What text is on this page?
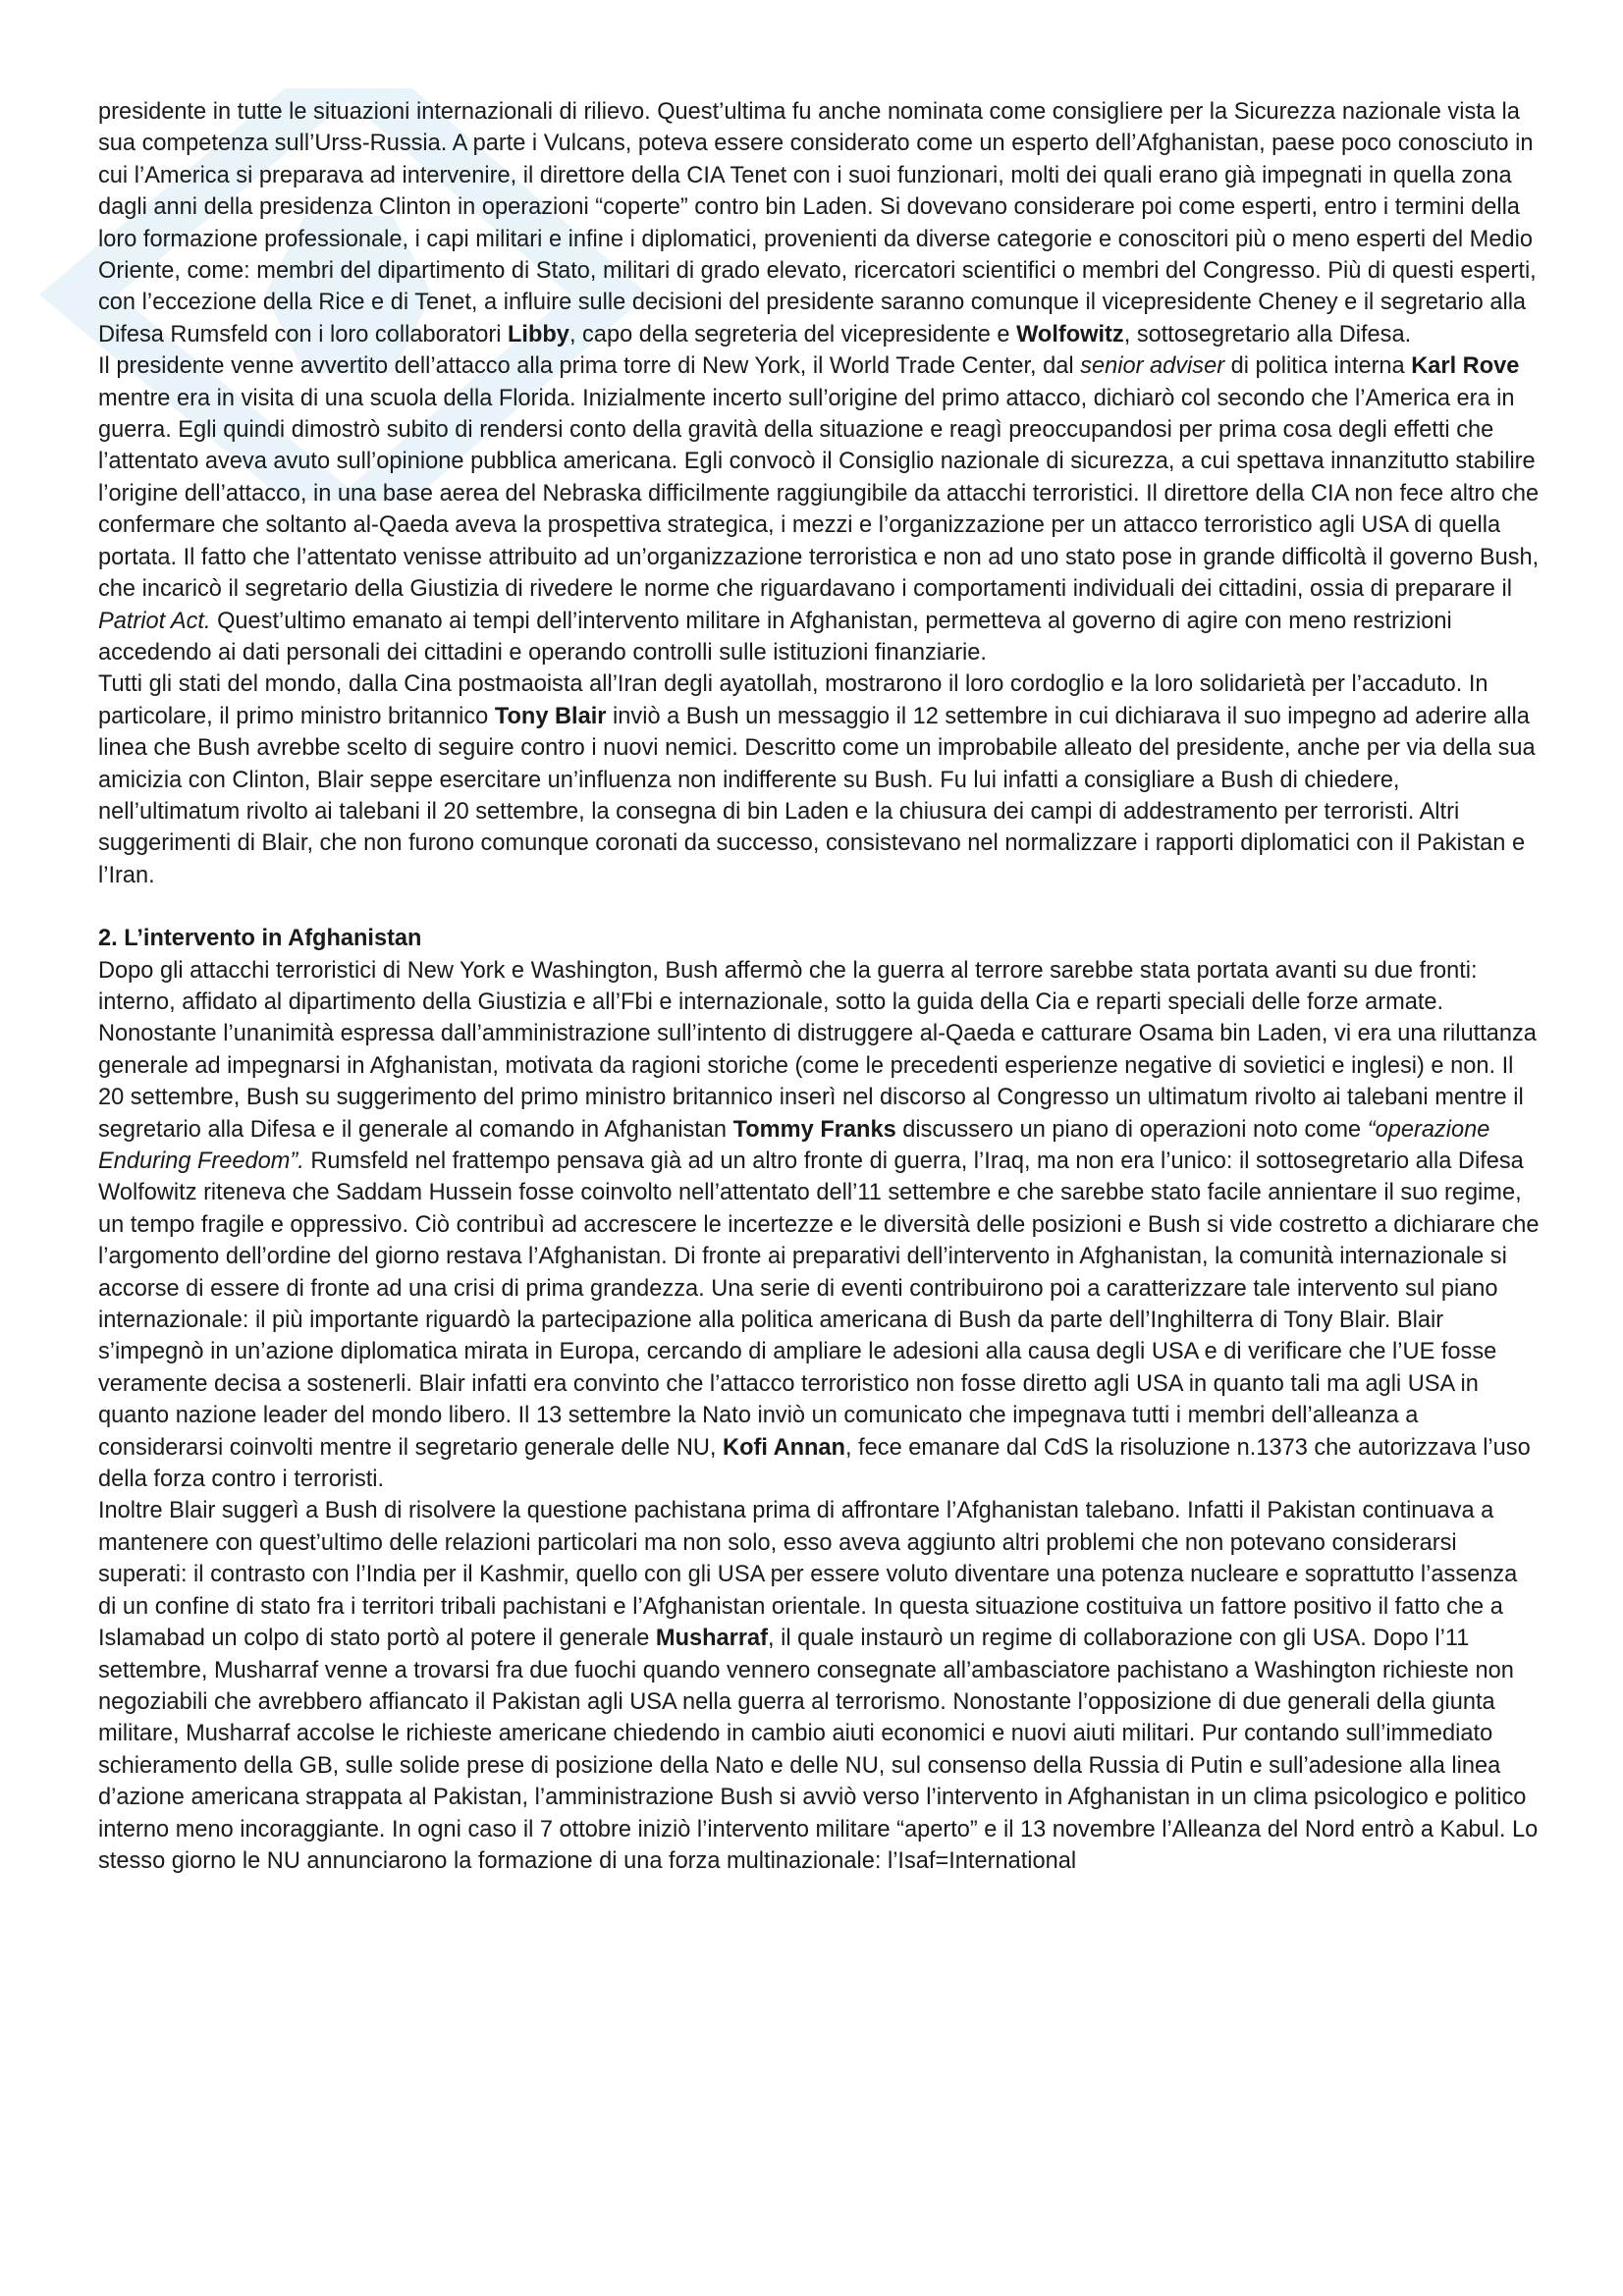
presidente in tutte le situazioni internazionali di rilievo. Quest’ultima fu anche nominata come consigliere per la Sicurezza nazionale vista la sua competenza sull’Urss-Russia. A parte i Vulcans, poteva essere considerato come un esperto dell’Afghanistan, paese poco conosciuto in cui l’America si preparava ad intervenire, il direttore della CIA Tenet con i suoi funzionari, molti dei quali erano già impegnati in quella zona dagli anni della presidenza Clinton in operazioni “coperte” contro bin Laden. Si dovevano considerare poi come esperti, entro i termini della loro formazione professionale, i capi militari e infine i diplomatici, provenienti da diverse categorie e conoscitori più o meno esperti del Medio Oriente, come: membri del dipartimento di Stato, militari di grado elevato, ricercatori scientifici o membri del Congresso. Più di questi esperti, con l’eccezione della Rice e di Tenet, a influire sulle decisioni del presidente saranno comunque il vicepresidente Cheney e il segretario alla Difesa Rumsfeld con i loro collaboratori Libby, capo della segreteria del vicepresidente e Wolfowitz, sottosegretario alla Difesa.

Il presidente venne avvertito dell’attacco alla prima torre di New York, il World Trade Center, dal senior adviser di politica interna Karl Rove mentre era in visita di una scuola della Florida. Inizialmente incerto sull’origine del primo attacco, dichiarò col secondo che l’America era in guerra. Egli quindi dimostrò subito di rendersi conto della gravità della situazione e reagì preoccupandosi per prima cosa degli effetti che l’attentato aveva avuto sull’opinione pubblica americana. Egli convocò il Consiglio nazionale di sicurezza, a cui spettava innanzitutto stabilire l’origine dell’attacco, in una base aerea del Nebraska difficilmente raggiungibile da attacchi terroristici. Il direttore della CIA non fece altro che confermare che soltanto al-Qaeda aveva la prospettiva strategica, i mezzi e l’organizzazione per un attacco terroristico agli USA di quella portata. Il fatto che l’attentato venisse attribuito ad un’organizzazione terroristica e non ad uno stato pose in grande difficoltà il governo Bush, che incaricò il segretario della Giustizia di rivedere le norme che riguardavano i comportamenti individuali dei cittadini, ossia di preparare il Patriot Act. Quest’ultimo emanato ai tempi dell’intervento militare in Afghanistan, permetteva al governo di agire con meno restrizioni accedendo ai dati personali dei cittadini e operando controlli sulle istituzioni finanziarie.

Tutti gli stati del mondo, dalla Cina postmaoista all’Iran degli ayatollah, mostrarono il loro cordoglio e la loro solidarietà per l’accaduto. In particolare, il primo ministro britannico Tony Blair inviò a Bush un messaggio il 12 settembre in cui dichiarava il suo impegno ad aderire alla linea che Bush avrebbe scelto di seguire contro i nuovi nemici. Descritto come un improbabile alleato del presidente, anche per via della sua amicizia con Clinton, Blair seppe esercitare un’influenza non indifferente su Bush. Fu lui infatti a consigliare a Bush di chiedere, nell’ultimatum rivolto ai talebani il 20 settembre, la consegna di bin Laden e la chiusura dei campi di addestramento per terroristi. Altri suggerimenti di Blair, che non furono comunque coronati da successo, consistevano nel normalizzare i rapporti diplomatici con il Pakistan e l’Iran.

2. L’intervento in Afghanistan

Dopo gli attacchi terroristici di New York e Washington, Bush affermò che la guerra al terrore sarebbe stata portata avanti su due fronti: interno, affidato al dipartimento della Giustizia e all’Fbi e internazionale, sotto la guida della Cia e reparti speciali delle forze armate. Nonostante l’unanimità espressa dall’amministrazione sull’intento di distruggere al-Qaeda e catturare Osama bin Laden, vi era una riluttanza generale ad impegnarsi in Afghanistan, motivata da ragioni storiche (come le precedenti esperienze negative di sovietici e inglesi) e non. Il 20 settembre, Bush su suggerimento del primo ministro britannico inserì nel discorso al Congresso un ultimatum rivolto ai talebani mentre il segretario alla Difesa e il generale al comando in Afghanistan Tommy Franks discussero un piano di operazioni noto come “operazione Enduring Freedom”. Rumsfeld nel frattempo pensava già ad un altro fronte di guerra, l’Iraq, ma non era l’unico: il sottosegretario alla Difesa Wolfowitz riteneva che Saddam Hussein fosse coinvolto nell’attentato dell’11 settembre e che sarebbe stato facile annientare il suo regime, un tempo fragile e oppressivo. Ciò contribuì ad accrescere le incertezze e le diversità delle posizioni e Bush si vide costretto a dichiarare che l’argomento dell’ordine del giorno restava l’Afghanistan. Di fronte ai preparativi dell’intervento in Afghanistan, la comunità internazionale si accorse di essere di fronte ad una crisi di prima grandezza. Una serie di eventi contribuirono poi a caratterizzare tale intervento sul piano internazionale: il più importante riguardò la partecipazione alla politica americana di Bush da parte dell’Inghilterra di Tony Blair. Blair s’impegnò in un’azione diplomatica mirata in Europa, cercando di ampliare le adesioni alla causa degli USA e di verificare che l’UE fosse veramente decisa a sostenerli. Blair infatti era convinto che l’attacco terroristico non fosse diretto agli USA in quanto tali ma agli USA in quanto nazione leader del mondo libero. Il 13 settembre la Nato inviò un comunicato che impegnava tutti i membri dell’alleanza a considerarsi coinvolti mentre il segretario generale delle NU, Kofi Annan, fece emanare dal CdS la risoluzione n.1373 che autorizzava l’uso della forza contro i terroristi.

Inoltre Blair suggerì a Bush di risolvere la questione pachistana prima di affrontare l’Afghanistan talebano. Infatti il Pakistan continuava a mantenere con quest’ultimo delle relazioni particolari ma non solo, esso aveva aggiunto altri problemi che non potevano considerarsi superati: il contrasto con l’India per il Kashmir, quello con gli USA per essere voluto diventare una potenza nucleare e soprattutto l’assenza di un confine di stato fra i territori tribali pachistani e l’Afghanistan orientale. In questa situazione costituiva un fattore positivo il fatto che a Islamabad un colpo di stato portò al potere il generale Musharraf, il quale instaurò un regime di collaborazione con gli USA. Dopo l’11 settembre, Musharraf venne a trovarsi fra due fuochi quando vennero consegnate all’ambasciatore pachistano a Washington richieste non negoziabili che avrebbero affiancato il Pakistan agli USA nella guerra al terrorismo. Nonostante l’opposizione di due generali della giunta militare, Musharraf accolse le richieste americane chiedendo in cambio aiuti economici e nuovi aiuti militari. Pur contando sull’immediato schieramento della GB, sulle solide prese di posizione della Nato e delle NU, sul consenso della Russia di Putin e sull’adesione alla linea d’azione americana strappata al Pakistan, l’amministrazione Bush si avviò verso l’intervento in Afghanistan in un clima psicologico e politico interno meno incoraggiante. In ogni caso il 7 ottobre iniziò l’intervento militare “aperto” e il 13 novembre l’Alleanza del Nord entrò a Kabul. Lo stesso giorno le NU annunciarono la formazione di una forza multinazionale: l’Isaf=International
